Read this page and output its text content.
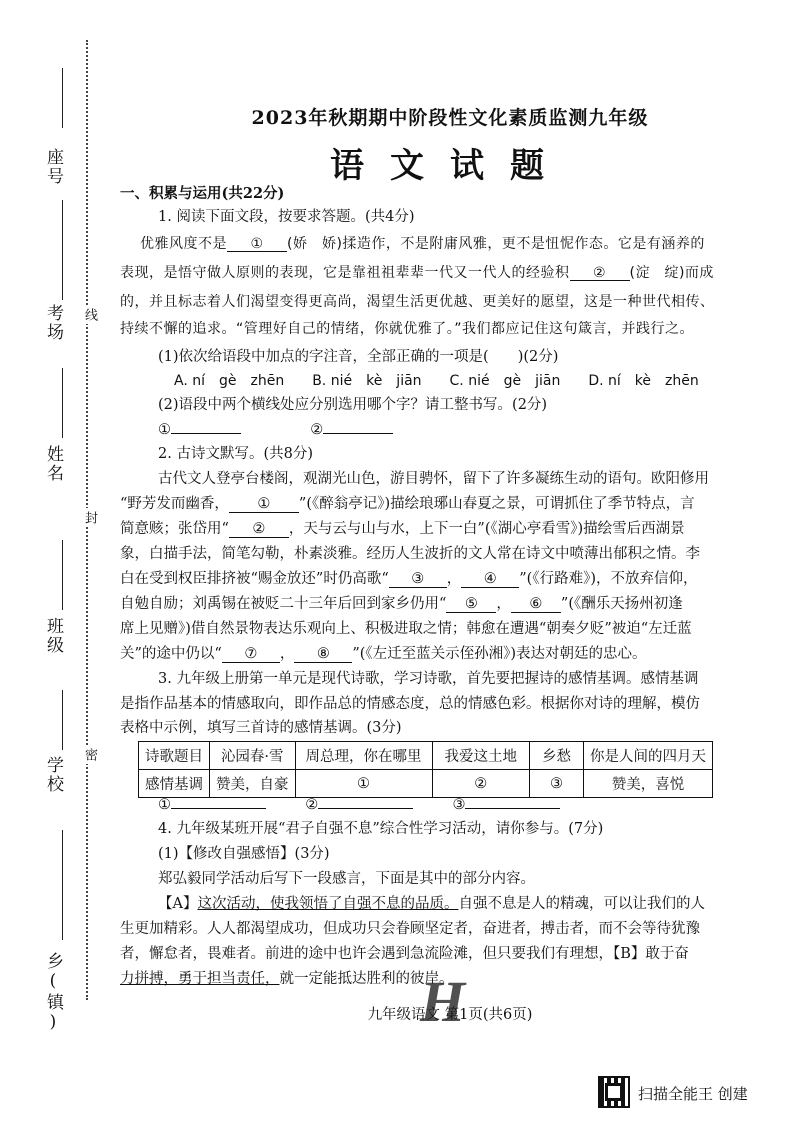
座号
考场 线
姓名
封
班级
学校
密
乡(镇)
2023年秋期期中阶段性文化素质监测九年级
语文试题
一、积累与运用(共22分)
1. 阅读下面文段，按要求答题。(共4分)
优雅风度不是 ① (娇　娇)揉造作，不是附庸风雅，更不是忸怩作态。它是有涵养的
表现，是悟守做人原则的表现，它是靠祖祖辈辈一代又一代人的经验积 ② (淀　绽)而成
的，并且标志着人们渴望变得更高尚，渴望生活更优越、更美好的愿望，这是一种世代相传、
持续不懈的追求。“管理好自己的情绪，你就优雅了。”我们都应记住这句箴言，并践行之。
(1)依次给语段中加点的字注音，全部正确的一项是(　　)(2分)
A. ní　gè　zhēn　　B. nié　kè　jiān　　C. nié　gè　jiān　　D. ní　kè　zhēn
(2)语段中两个横线处应分别选用哪个字？请工整书写。(2分)
①	②
2. 古诗文默写。(共8分)
古代文人登亭台楼阁，观湖光山色，游目骋怀，留下了许多凝练生动的语句。欧阳修用
“野芳发而幽香， ① ”(《醉翁亭记》)描绘琅琊山春夏之景，可谓抓住了季节特点，言
简意赅；张岱用“ ② ，天与云与山与水，上下一白”(《湖心亭看雪》)描绘雪后西湖景
象，白描手法，简笔勾勒，朴素淡雅。经历人生波折的文人常在诗文中喷薄出郁积之情。李
白在受到权臣排挤被“赐金放还”时仍高歌“ ③ ， ④ ”(《行路难》)，不放弃信仰，
自勉自励；刘禹锡在被贬二十三年后回到家乡仍用“ ⑤ ， ⑥ ”(《酬乐天扬州初逢
席上见赠》)借自然景物表达乐观向上、积极进取之情；韩愈在遭遇“朝奏夕贬”被迫“左迁蓝
关”的途中仍以“ ⑦ ， ⑧ ”(《左迁至蓝关示侄孙湘》)表达对朝廷的忠心。
3. 九年级上册第一单元是现代诗歌，学习诗歌，首先要把握诗的感情基调。感情基调
是指作品基本的情感取向，即作品总的情感态度，总的情感色彩。根据你对诗的理解，模仿
表格中示例，填写三首诗的感情基调。(3分)
诗歌题目	沁园春·雪	周总理，你在哪里	我爱这土地	乡愁	你是人间的四月天
感情基调	赞美，自豪	①	②	③	赞美，喜悦
①	②	③
4. 九年级某班开展“君子自强不息”综合性学习活动，请你参与。(7分)
(1)【修改自强感悟】(3分)
郑弘毅同学活动后写下一段感言，下面是其中的部分内容。
【A】这次活动，使我领悟了自强不息的品质。自强不息是人的精魂，可以让我们的人
生更加精彩。人人都渴望成功，但成功只会眷顾坚定者，奋进者，搏击者，而不会等待犹豫
者，懈怠者，畏难者。前进的途中也许会遇到急流险滩，但只要我们有理想，【B】敢于奋
力拼搏，勇于担当责任，就一定能抵达胜利的彼岸。
H
九年级语文 第1页(共6页)
扫描全能王 创建
